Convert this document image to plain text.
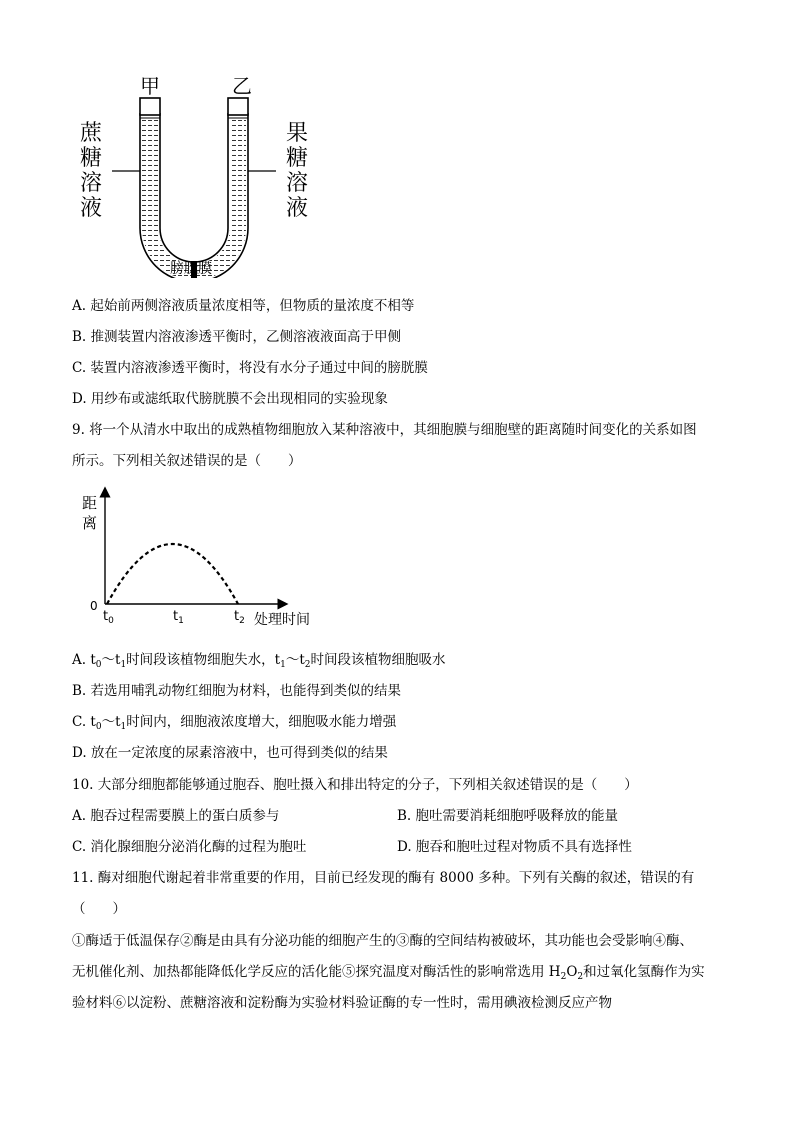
甲	乙
蔗
糖
溶
液
果
糖
溶
液
膀胱膜
A. 起始前两侧溶液质量浓度相等，但物质的量浓度不相等
B. 推测装置内溶液渗透平衡时，乙侧溶液液面高于甲侧
C. 装置内溶液渗透平衡时，将没有水分子通过中间的膀胱膜
D. 用纱布或滤纸取代膀胱膜不会出现相同的实验现象
9. 将一个从清水中取出的成熟植物细胞放入某种溶液中，其细胞膜与细胞壁的距离随时间变化的关系如图
所示。下列相关叙述错误的是（　　）
距
离
0
$t_0$	$t_1$	$t_2$ 处理时间
A. $t_0\sim t_1$时间段该植物细胞失水，$t_1\sim t_2$时间段该植物细胞吸水
B. 若选用哺乳动物红细胞为材料，也能得到类似的结果
C. $t_0\sim t_1$时间内，细胞液浓度增大，细胞吸水能力增强
D. 放在一定浓度的尿素溶液中，也可得到类似的结果
10. 大部分细胞都能够通过胞吞、胞吐摄入和排出特定的分子，下列相关叙述错误的是（　　）
A. 胞吞过程需要膜上的蛋白质参与	B. 胞吐需要消耗细胞呼吸释放的能量
C. 消化腺细胞分泌消化酶的过程为胞吐	D. 胞吞和胞吐过程对物质不具有选择性
11. 酶对细胞代谢起着非常重要的作用，目前已经发现的酶有 8000 多种。下列有关酶的叙述，错误的有
（　　）
①酶适于低温保存②酶是由具有分泌功能的细胞产生的③酶的空间结构被破坏，其功能也会受影响④酶、
无机催化剂、加热都能降低化学反应的活化能⑤探究温度对酶活性的影响常选用 $H_2O_2$和过氧化氢酶作为实
验材料⑥以淀粉、蔗糖溶液和淀粉酶为实验材料验证酶的专一性时，需用碘液检测反应产物
